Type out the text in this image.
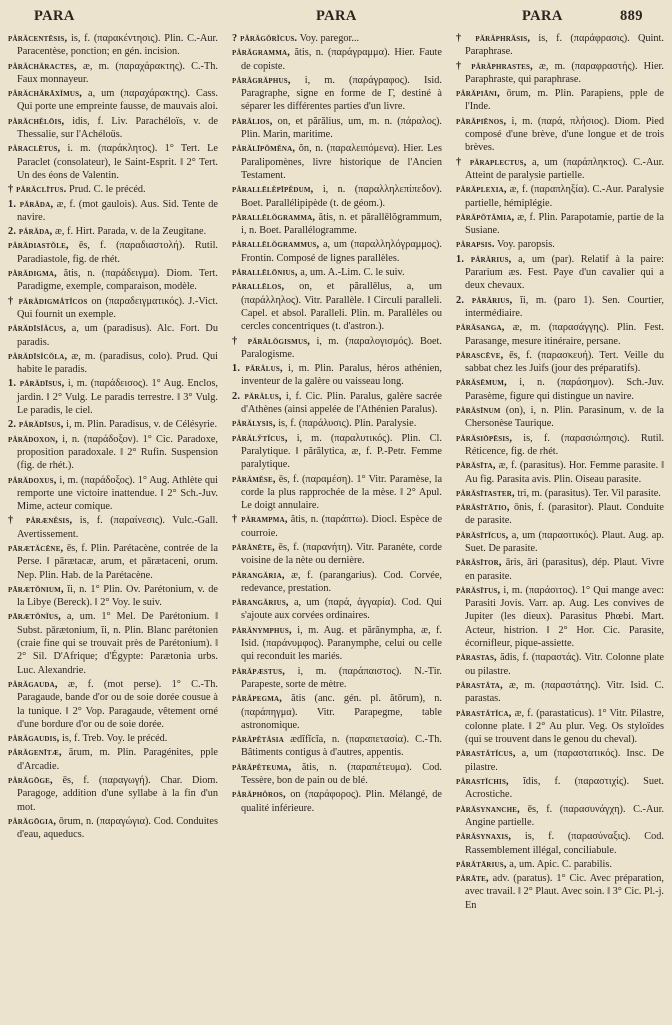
PARA	PARA	PARA	889

părăcentēsis, is, f. (παρακέντησις). Plin. C.-Aur. Paracentèse, ponction; en gén. incision.

părăchăractes, æ, m. (παραχάρακτης). C.-Th. Faux monnayeur.

părăchărāxĭmus, a, um (παραχάρακτης). Cass. Qui porte une empreinte fausse, de mauvais aloi.

părăchĕlōis, idis, f. Liv. Parachéloïs, v. de Thessalie, sur l'Achéloüs.

păraclētus, i. m. (παράκλητος). 1° Tert. Le Paraclet (consolateur), le Saint-Esprit. ‖ 2° Tert. Un des éons de Valentin.

† părăclītus. Prud. C. le précéd.

1. părăda, æ, f. (mot gaulois). Aus. Sid. Tente de navire.

2. părăda, æ, f. Hirt. Parada, v. de la Zeugitane.

părădiastŏle, ēs, f. (παραδιαστολή). Rutil. Paradiastole, fig. de rhét.

părădigma, ătis, n. (παράδειγμα). Diom. Tert. Paradigme, exemple, comparaison, modèle.

† părădigmătĭcos on (παραδειγματικός). J.-Vict. Qui fournit un exemple.

părădīsĭăcus, a, um (paradisus). Alc. Fort. Du paradis.

părădīsĭcŏla, æ, m. (paradisus, colo). Prud. Qui habite le paradis.

1. părădīsus, i, m. (παράδεισος). 1° Aug. Enclos, jardin. ‖ 2° Vulg. Le paradis terrestre. ‖ 3° Vulg. Le paradis, le ciel.

2. părădīsus, i, m. Plin. Paradisus, v. de Célésyrie.

părădoxon, i, n. (παράδοξον). 1° Cic. Paradoxe, proposition paradoxale. ‖ 2° Rufin. Suspension (fig. de rhét.).

părădoxus, i, m. (παράδοξος). 1° Aug. Athlète qui remporte une victoire inattendue. ‖ 2° Sch.-Juv. Mime, acteur comique.

† părænĕsis, is, f. (παραίνεσις). Vulc.-Gall. Avertissement.

pārætăcēne, ēs, f. Plin. Parétacène, contrée de la Perse. ‖ pārætacæ, arum, et pārætaceni, orum. Nep. Plin. Hab. de la Parétacène.

pārætŏnium, ĭi, n. 1° Plin. Ov. Parétonium, v. de la Libye (Bereck). ‖ 2° Voy. le suiv.

pārætŏnĭus, a, um. 1° Mel. De Parétonium. ‖ Subst. pārætonium, ĭi, n. Plin. Blanc parétonien (craie fine qui se trouvait près de Parétonium). ‖ 2° Sil. D'Afrique; d'Égypte: Parætonia urbs. Luc. Alexandrie.

părăgauda, æ, f. (mot perse). 1° C.-Th. Paragaude, bande d'or ou de soie dorée cousue à la tunique. ‖ 2° Vop. Paragaude, vêtement orné d'une bordure d'or ou de soie dorée.

părăgaudis, is, f. Treb. Voy. le précéd.

părăgenītæ, ārum, m. Plin. Paragénites, pple d'Arcadie.

părăgōge, ēs, f. (παραγωγή). Char. Diom. Paragoge, addition d'une syllabe à la fin d'un mot.

părăgōgia, ōrum, n. (παραγώγια). Cod. Conduites d'eau, aqueducs.

? părăgŏrĭcus. Voy. paregor...

părăgramma, ătis, n. (παράγραμμα). Hier. Faute de copiste.

părăgrăphus, i, m. (παράγραφος). Isid. Paragraphe, signe en forme de Γ, destiné à séparer les différentes parties d'un livre.

părălios, on, et părălius, um, m. n. (πάραλος). Plin. Marin, maritime.

părălīpŏmĕna, ŏn, n. (παραλειπόμενα). Hier. Les Paralipomènes, livre historique de l'Ancien Testament.

părallēlĕpīpĕdum, i, n. (παραλληλεπίπεδον). Boet. Parallélipipède (t. de géom.).

părallēlŏgramma, ătis, n. et părallēlŏgrammum, i, n. Boet. Parallélogramme.

părallēlŏgrammus, a, um (παραλληλόγραμμος). Frontin. Composé de lignes parallèles.

părallēlōnius, a, um. A.-Lim. C. le suiv.

părallēlos, on, et părallēlus, a, um (παράλληλος). Vitr. Parallèle. ‖ Circuli paralleli. Capel. et absol. Paralleli. Plin. m. Parallèles ou cercles concentriques (t. d'astron.).

† părălŏgismus, i, m. (παραλογισμός). Boet. Paralogisme.

1. părălus, i, m. Plin. Paralus, héros athénien, inventeur de la galère ou vaisseau long.

2. părălus, i, f. Cic. Plin. Paralus, galère sacrée d'Athènes (ainsi appelée de l'Athénien Paralus).

părălysis, is, f. (παράλυσις). Plin. Paralysie.

părălўtĭcus, i, m. (παραλυτικός). Plin. Cl. Paralytique. ‖ părălytica, æ, f. P.-Petr. Femme paralytique.

părămĕse, ēs, f. (παραμέση). 1° Vitr. Paramèse, la corde la plus rapprochée de la mèse. ‖ 2° Apul. Le doigt annulaire.

† părampma, ătis, n. (παράπτω). Diocl. Espèce de courroie.

părănēte, ēs, f. (παρανήτη). Vitr. Paranète, corde voisine de la nète ou dernière.

părangăria, æ, f. (parangarius). Cod. Corvée, redevance, prestation.

părangărius, a, um (παρά, ἀγγαρία). Cod. Qui s'ajoute aux corvées ordinaires.

părănymphus, i, m. Aug. et părănympha, æ, f. Isid. (παράνυμφος). Paranymphe, celui ou celle qui reconduit les mariés.

părăpæstus, i, m. (παράπαιστος). N.-Tir. Parapeste, sorte de mètre.

părăpegma, ătis (anc. gén. pl. ătōrum), n. (παράπηγμα). Vitr. Parapegme, table astronomique.

părăpĕtăsia ædĭfĭcĭa, n. (παραπετασία). C.-Th. Bâtiments contigus à d'autres, appentis.

părăpĕteuma, ătis, n. (παραπέτευμα). Cod. Tessère, bon de pain ou de blé.

părăphŏros, on (παράφορος). Plin. Mélangé, de qualité inférieure.

† părăphrăsis, is, f. (παράφρασις). Quint. Paraphrase.

† părăphrastes, æ, m. (παραφραστής). Hier. Paraphraste, qui paraphrase.

părăpiāni, ōrum, m. Plin. Parapiens, pple de l'Inde.

părăpiēnos, i, m. (παρά, πλήσιος). Diom. Pied composé d'une brève, d'une longue et de trois brèves.

† păraplectus, a, um (παράπληκτος). C.-Aur. Atteint de paralysie partielle.

părăplexia, æ, f. (παραπληξία). C.-Aur. Paralysie partielle, hémiplégie.

părăpŏtămia, æ, f. Plin. Parapotamie, partie de la Susiane.

părapsis. Voy. paropsis.

1. părărius, a, um (par). Relatif à la paire: Pararium æs. Fest. Paye d'un cavalier qui a deux chevaux.

2. părărius, ĭi, m. (paro 1). Sen. Courtier, intermédiaire.

părăsanga, æ, m. (παρασάγγης). Plin. Fest. Parasange, mesure itinéraire, persane.

părascēve, ēs, f. (παρασκευή). Tert. Veille du sabbat chez les Juifs (jour des préparatifs).

părăsēmum, i, n. (παράσημον). Sch.-Juv. Parasème, figure qui distingue un navire.

părăsīnum (on), i, n. Plin. Parasinum, v. de la Chersonèse Taurique.

părăsiōpēsis, is, f. (παρασιώπησις). Rutil. Réticence, fig. de rhét.

părăsīta, æ, f. (parasitus). Hor. Femme parasite. ‖ Au fig. Parasita avis. Plin. Oiseau parasite.

părăsītaster, tri, m. (parasitus). Ter. Vil parasite.

părăsītātio, ōnis, f. (parasitor). Plaut. Conduite de parasite.

părăsītĭcus, a, um (παρασιτικός). Plaut. Aug. ap. Suet. De parasite.

părăsītor, āris, āri (parasitus), dép. Plaut. Vivre en parasite.

părăsītus, i, m. (παράσιτος). 1° Qui mange avec: Parasiti Jovis. Varr. ap. Aug. Les convives de Jupiter (les dieux). Parasitus Phœbi. Mart. Acteur, histrion. ‖ 2° Hor. Cic. Parasite, écornifleur, pique-assiette.

părastas, ădis, f. (παραστάς). Vitr. Colonne plate ou pilastre.

părastăta, æ, m. (παραστάτης). Vitr. Isid. C. parastas.

părastătĭca, æ, f. (parastaticus). 1° Vitr. Pilastre, colonne plate. ‖ 2° Au plur. Veg. Os styloïdes (qui se trouvent dans le genou du cheval).

părastătĭcus, a, um (παραστατικός). Insc. De pilastre.

părastĭchis, ĭdis, f. (παραστιχίς). Suet. Acrostiche.

părăsynanche, ēs, f. (παρασυνάγχη). C.-Aur. Angine partielle.

părăsynaxis, is, f. (παρασύναξις). Cod. Rassemblement illégal, conciliabule.

părătārius, a, um. Apic. C. parabilis.

părāte, adv. (paratus). 1° Cic. Avec préparation, avec travail. ‖ 2° Plaut. Avec soin. ‖ 3° Cic. Pl.-j. En
